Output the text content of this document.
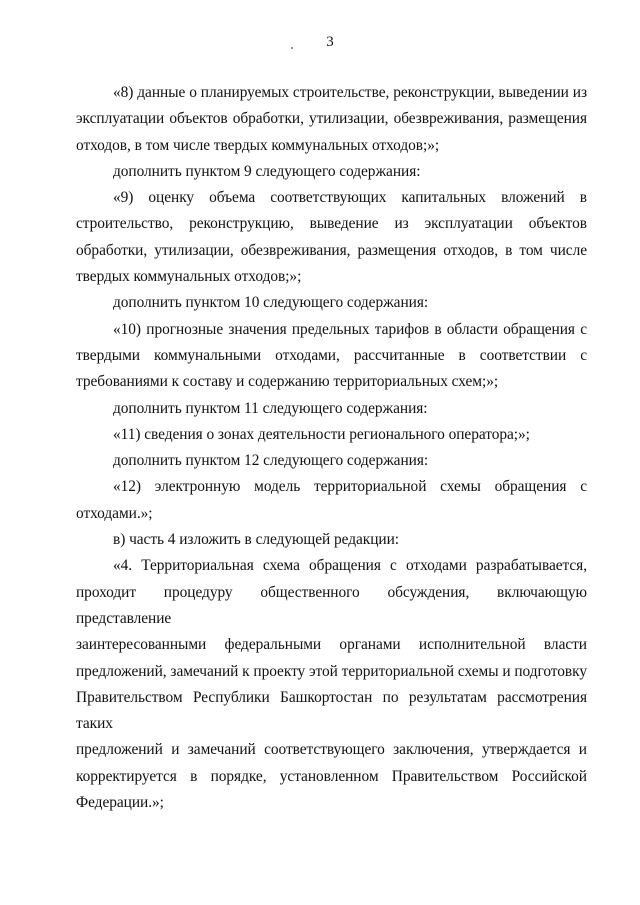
3

«8) данные о планируемых строительстве, реконструкции, выведении из
эксплуатации объектов обработки, утилизации, обезвреживания, размещения
отходов, в том числе твердых коммунальных отходов;»;

дополнить пунктом 9 следующего содержания:

«9) оценку объема соответствующих капитальных вложений в
строительство, реконструкцию, выведение из эксплуатации объектов
обработки, утилизации, обезвреживания, размещения отходов, в том числе
твердых коммунальных отходов;»;

дополнить пунктом 10 следующего содержания:

«10) прогнозные значения предельных тарифов в области обращения с
твердыми коммунальными отходами, рассчитанные в соответствии с
требованиями к составу и содержанию территориальных схем;»;

дополнить пунктом 11 следующего содержания:

«11) сведения о зонах деятельности регионального оператора;»;

дополнить пунктом 12 следующего содержания:

«12) электронную модель территориальной схемы обращения с
отходами.»;

в) часть 4 изложить в следующей редакции:

«4. Территориальная схема обращения с отходами разрабатывается,
проходит процедуру общественного обсуждения, включающую представление
заинтересованными федеральными органами исполнительной власти
предложений, замечаний к проекту этой территориальной схемы и подготовку
Правительством Республики Башкортостан по результатам рассмотрения таких
предложений и замечаний соответствующего заключения, утверждается и
корректируется в порядке, установленном Правительством Российской
Федерации.»;
